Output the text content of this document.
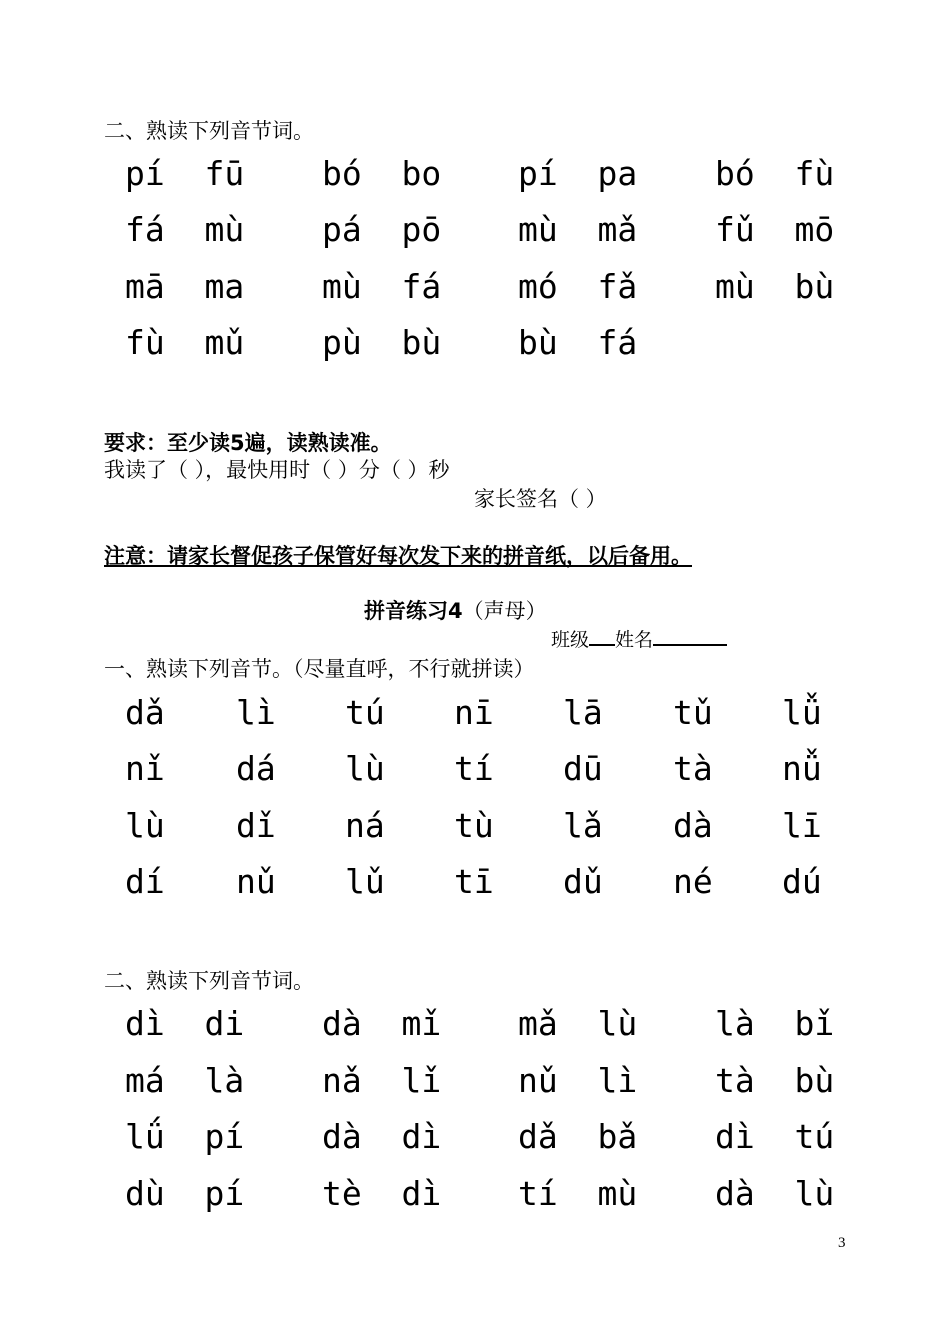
二、熟读下列音节词。
pí  fū bó  bo pí  pa bó  fù
fá  mù pá  pō mù  mǎ fǔ  mō
mā  ma mù  fá mó  fǎ mù  bù
fù  mǔ pù  bù bù  fá
要求：至少读5遍，读熟读准。
我读了（ ），最快用时（ ）分（ ）秒
家长签名（ ）
注意：请家长督促孩子保管好每次发下来的拼音纸，以后备用。
拼音练习4（声母）
班级 姓名
一、熟读下列音节。（尽量直呼，不行就拼读）
dǎ lì tú nī lā tǔ lǚ
nǐ dá lù tí dū tà nǚ
lù dǐ ná tù lǎ dà lī
dí nǔ lǔ tī dǔ né dú
二、熟读下列音节词。
dì  di dà  mǐ mǎ  lù là  bǐ
má  là nǎ  lǐ nǔ  lì tà  bù
lǘ  pí dà  dì dǎ  bǎ dì  tú
dù  pí tè  dì tí  mù dà  lù
3
